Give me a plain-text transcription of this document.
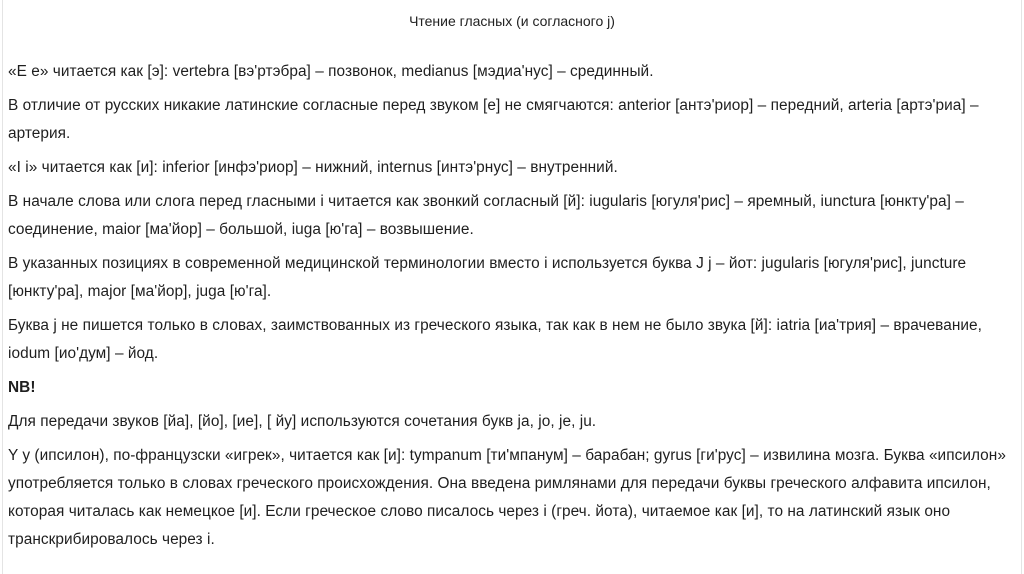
Чтение гласных (и согласного j)

«E e» читается как [э]: vertebra [вэ'ртэбра] – позвонок, medianus [мэдиа'нус] – срединный.

В отличие от русских никакие латинские согласные перед звуком [е] не смягчаются: anterior [антэ'риор] – передний, arteria [артэ'риа] – артерия.

«I i» читается как [и]: inferior [инфэ'риор] – нижний, internus [интэ'рнус] – внутренний.

В начале слова или слога перед гласными i читается как звонкий согласный [й]: iugularis [югуля'рис] – яремный, iunctura [юнкту'ра] – соединение, maior [ма'йор] – большой, iuga [ю'га] – возвышение.

В указанных позициях в современной медицинской терминологии вместо i используется буква J j – йот: jugularis [югуля'рис], juncture [юнкту'ра], major [ма'йор], juga [ю'га].

Буква j не пишется только в словах, заимствованных из греческого языка, так как в нем не было звука [й]: iatria [иа'трия] – врачевание, iodum [ио'дум] – йод.

NB!

Для передачи звуков [йа], [йо], [ие], [ йу] используются сочетания букв ja, jo, je, ju.

Y y (ипсилон), по-французски «игрек», читается как [и]: tympanum [ти'мпанум] – барабан; gyrus [ги'рус] – извилина мозга. Буква «ипсилон» употребляется только в словах греческого происхождения. Она введена римлянами для передачи буквы греческого алфавита ипсилон, которая читалась как немецкое [и]. Если греческое слово писалось через i (греч. йота), читаемое как [и], то на латинский язык оно транскрибировалось через i.
